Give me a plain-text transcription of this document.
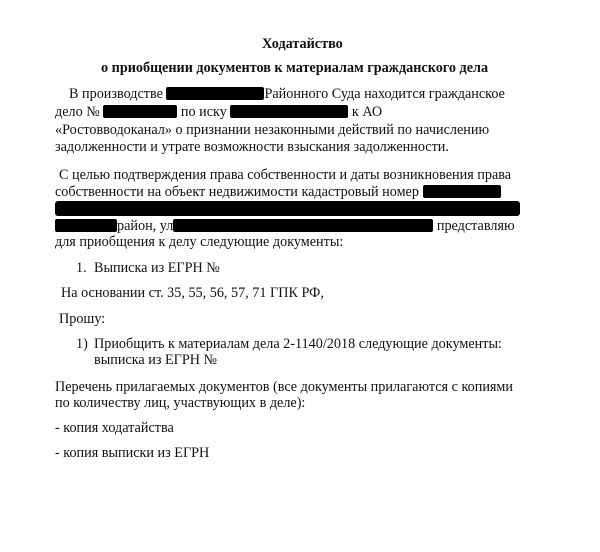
Ходатайство
о приобщении документов к материалам гражданского дела
В производстве	Районного Суда находится гражданское
дело №	по иску	к АО
«Ростовводоканал» о признании незаконными действий по начислению
задолженности и утрате возможности взыскания задолженности.
С целью подтверждения права собственности и даты возникновения права
собственности на объект недвижимости кадастровый номер
район, ул	представляю
для приобщения к делу следующие документы:
1. Выписка из ЕГРН №
На основании ст. 35, 55, 56, 57, 71 ГПК РФ,
Прошу:
1) Приобщить к материалам дела 2-1140/2018 следующие документы:
выписка из ЕГРН №
Перечень прилагаемых документов (все документы прилагаются с копиями
по количеству лиц, участвующих в деле):
- копия ходатайства
- копия выписки из ЕГРН
